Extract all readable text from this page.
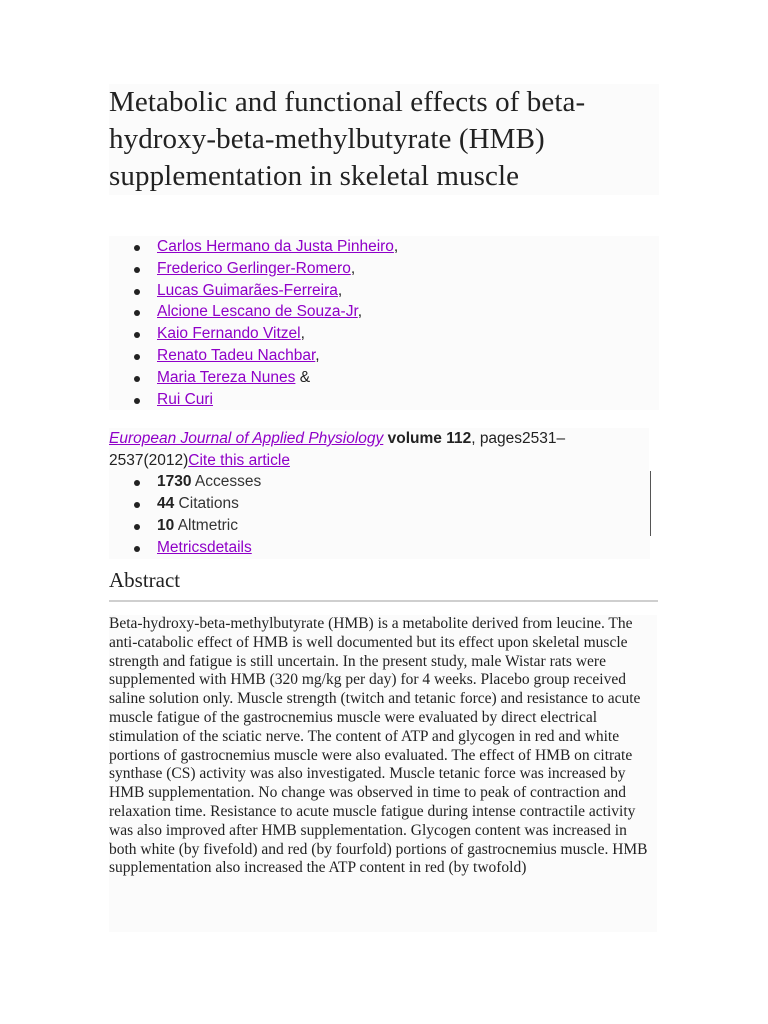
Metabolic and functional effects of beta-hydroxy-beta-methylbutyrate (HMB) supplementation in skeletal muscle
Carlos Hermano da Justa Pinheiro,
Frederico Gerlinger-Romero,
Lucas Guimarães-Ferreira,
Alcione Lescano de Souza-Jr,
Kaio Fernando Vitzel,
Renato Tadeu Nachbar,
Maria Tereza Nunes &
Rui Curi
European Journal of Applied Physiology volume 112, pages2531–2537(2012)Cite this article
1730 Accesses
44 Citations
10 Altmetric
Metricsdetails
Abstract

Beta-hydroxy-beta-methylbutyrate (HMB) is a metabolite derived from leucine. The anti-catabolic effect of HMB is well documented but its effect upon skeletal muscle strength and fatigue is still uncertain. In the present study, male Wistar rats were supplemented with HMB (320 mg/kg per day) for 4 weeks. Placebo group received saline solution only. Muscle strength (twitch and tetanic force) and resistance to acute muscle fatigue of the gastrocnemius muscle were evaluated by direct electrical stimulation of the sciatic nerve. The content of ATP and glycogen in red and white portions of gastrocnemius muscle were also evaluated. The effect of HMB on citrate synthase (CS) activity was also investigated. Muscle tetanic force was increased by HMB supplementation. No change was observed in time to peak of contraction and relaxation time. Resistance to acute muscle fatigue during intense contractile activity was also improved after HMB supplementation. Glycogen content was increased in both white (by fivefold) and red (by fourfold) portions of gastrocnemius muscle. HMB supplementation also increased the ATP content in red (by twofold)
